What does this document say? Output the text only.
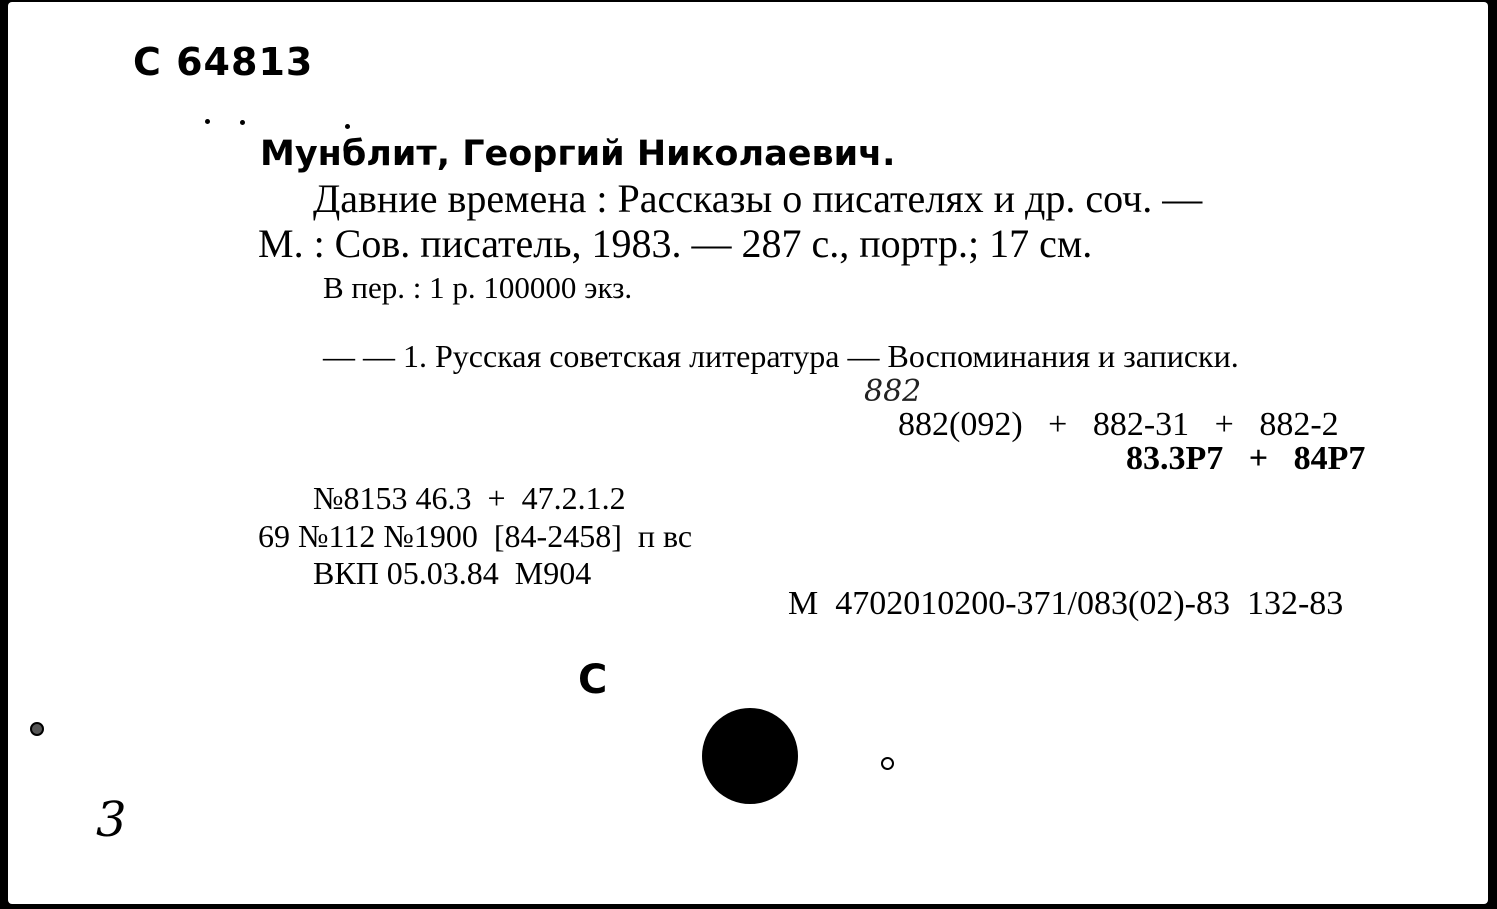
С 64813
Мунблит, Георгий Николаевич.
Давние времена : Рассказы о писателях и др. соч. —
М. : Сов. писатель, 1983. — 287 с., портр.; 17 см.
В пер. : 1 р. 100000 экз.
— — 1. Русская советская литература — Воспоминания и записки.
882
882(092)   +   882-31   +   882-2
83.3Р7   +   84Р7
№8153 46.3  +  47.2.1.2
69 №112 №1900  [84-2458]  п вс
ВКП 05.03.84  М904
М  4702010200-371/083(02)-83  132-83
С
3
